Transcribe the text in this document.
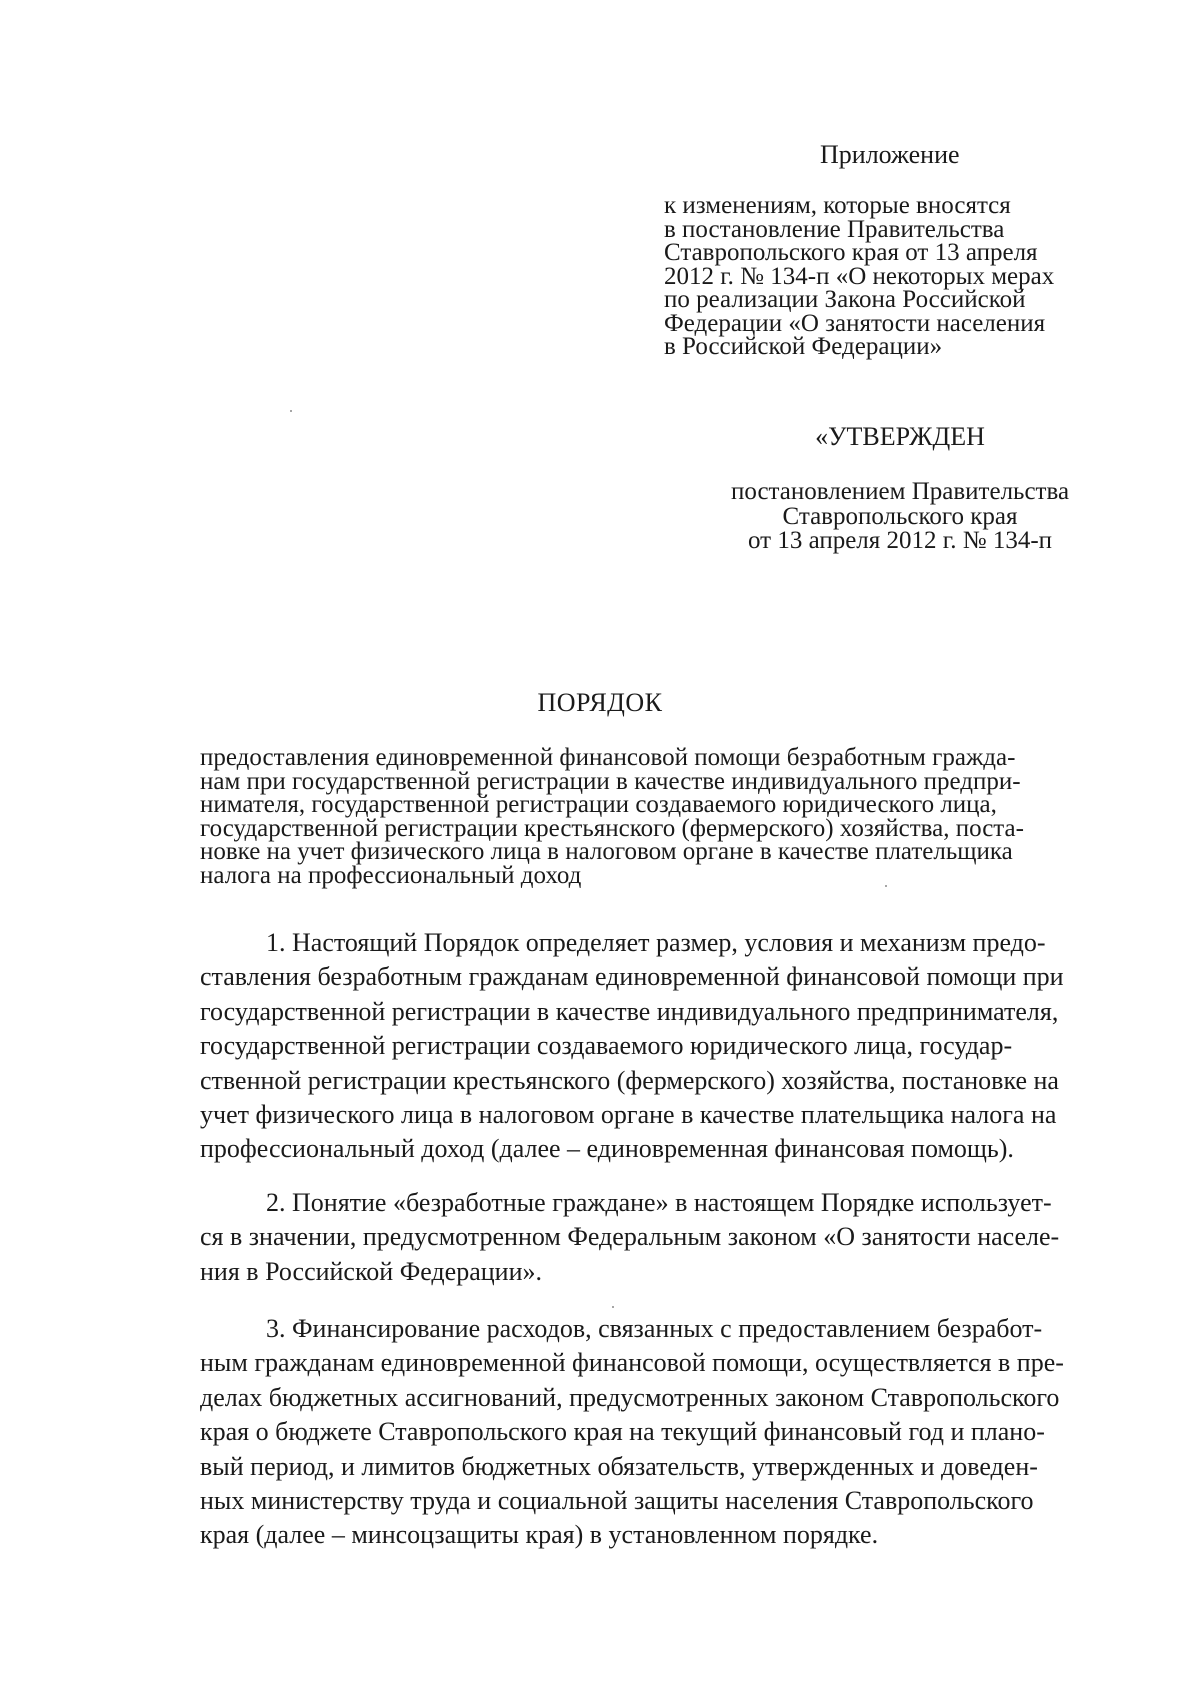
Приложение
к изменениям, которые вносятся
в постановление Правительства
Ставропольского края от 13 апреля
2012 г. № 134-п «О некоторых мерах
по реализации Закона Российской
Федерации «О занятости населения
в Российской Федерации»
«УТВЕРЖДЕН
постановлением Правительства
Ставропольского края
от 13 апреля 2012 г. № 134-п
ПОРЯДОК
предоставления единовременной финансовой помощи безработным гражда-
нам при государственной регистрации в качестве индивидуального предпри-
нимателя, государственной регистрации создаваемого юридического лица,
государственной регистрации крестьянского (фермерского) хозяйства, поста-
новке на учет физического лица в налоговом органе в качестве плательщика
налога на профессиональный доход
1. Настоящий Порядок определяет размер, условия и механизм предо-
ставления безработным гражданам единовременной финансовой помощи при
государственной регистрации в качестве индивидуального предпринимателя,
государственной регистрации создаваемого юридического лица, государ-
ственной регистрации крестьянского (фермерского) хозяйства, постановке на
учет физического лица в налоговом органе в качестве плательщика налога на
профессиональный доход (далее – единовременная финансовая помощь).
2. Понятие «безработные граждане» в настоящем Порядке использует-
ся в значении, предусмотренном Федеральным законом «О занятости населе-
ния в Российской Федерации».
3. Финансирование расходов, связанных с предоставлением безработ-
ным гражданам единовременной финансовой помощи, осуществляется в пре-
делах бюджетных ассигнований, предусмотренных законом Ставропольского
края о бюджете Ставропольского края на текущий финансовый год и плано-
вый период, и лимитов бюджетных обязательств, утвержденных и доведен-
ных министерству труда и социальной защиты населения Ставропольского
края (далее – минсоцзащиты края) в установленном порядке.
